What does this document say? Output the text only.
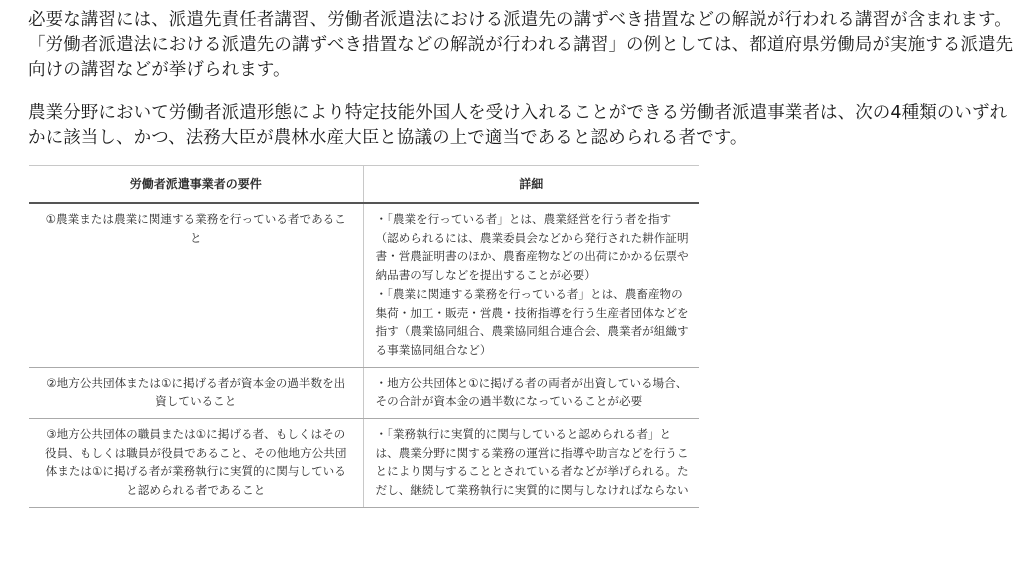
必要な講習には、派遣先責任者講習、労働者派遣法における派遣先の講ずべき措置などの解説が行われる講習が含まれます。「労働者派遣法における派遣先の講ずべき措置などの解説が行われる講習」の例としては、都道府県労働局が実施する派遣先向けの講習などが挙げられます。

農業分野において労働者派遣形態により特定技能外国人を受け入れることができる労働者派遣事業者は、次の4種類のいずれかに該当し、かつ、法務大臣が農林水産大臣と協議の上で適当であると認められる者です。

労働者派遣事業者の要件	詳細
①農業または農業に関連する業務を行っている者であること	・「農業を行っている者」とは、農業経営を行う者を指す（認められるには、農業委員会などから発行された耕作証明書・営農証明書のほか、農畜産物などの出荷にかかる伝票や納品書の写しなどを提出することが必要）
・「農業に関連する業務を行っている者」とは、農畜産物の集荷・加工・販売・営農・技術指導を行う生産者団体などを指す（農業協同組合、農業協同組合連合会、農業者が組織する事業協同組合など）

②地方公共団体または①に掲げる者が資本金の過半数を出資していること	・地方公共団体と①に掲げる者の両者が出資している場合、その合計が資本金の過半数になっていることが必要

③地方公共団体の職員または①に掲げる者、もしくはその役員、もしくは職員が役員であること、その他地方公共団体または①に掲げる者が業務執行に実質的に関与していると認められる者であること	・「業務執行に実質的に関与していると認められる者」とは、農業分野に関する業務の運営に指導や助言などを行うことにより関与することとされている者などが挙げられる。ただし、継続して業務執行に実質的に関与しなければならない
